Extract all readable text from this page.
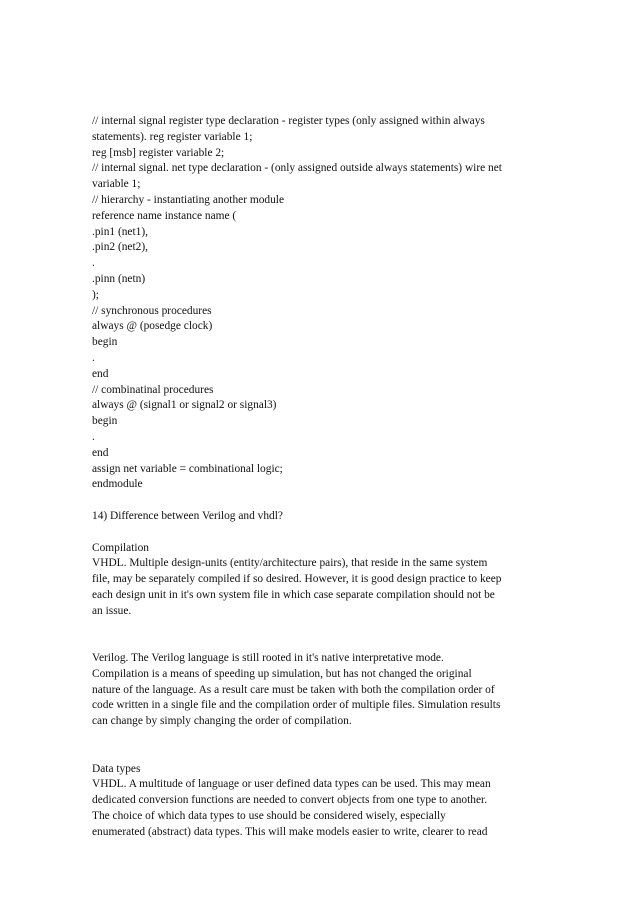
// internal signal register type declaration - register types (only assigned within always
statements). reg register variable 1;
reg [msb] register variable 2;
// internal signal. net type declaration - (only assigned outside always statements) wire net
variable 1;
// hierarchy - instantiating another module
reference name instance name (
.pin1 (net1),
.pin2 (net2),
.
.pinn (netn)
);
// synchronous procedures
always @ (posedge clock)
begin
.
end
// combinatinal procedures
always @ (signal1 or signal2 or signal3)
begin
.
end
assign net variable = combinational logic;
endmodule
14) Difference between Verilog and vhdl?
Compilation
VHDL. Multiple design-units (entity/architecture pairs), that reside in the same system
file, may be separately compiled if so desired. However, it is good design practice to keep
each design unit in it's own system file in which case separate compilation should not be
an issue.
Verilog. The Verilog language is still rooted in it's native interpretative mode.
Compilation is a means of speeding up simulation, but has not changed the original
nature of the language. As a result care must be taken with both the compilation order of
code written in a single file and the compilation order of multiple files. Simulation results
can change by simply changing the order of compilation.
Data types
VHDL. A multitude of language or user defined data types can be used. This may mean
dedicated conversion functions are needed to convert objects from one type to another.
The choice of which data types to use should be considered wisely, especially
enumerated (abstract) data types. This will make models easier to write, clearer to read
